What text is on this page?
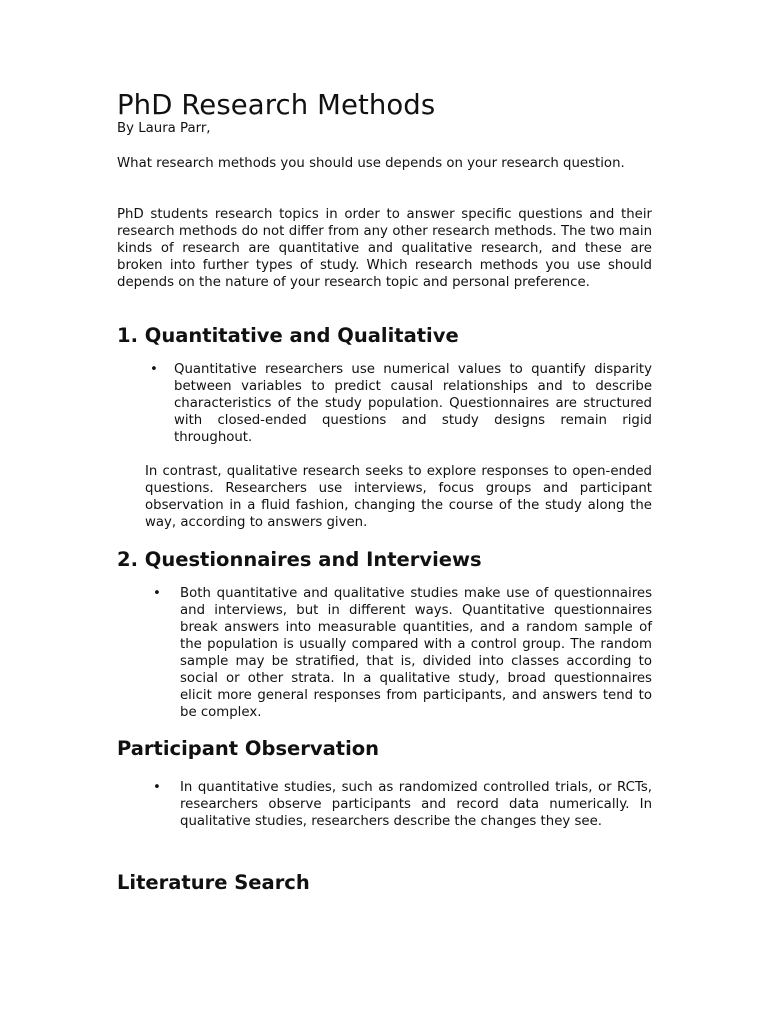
PhD Research Methods

By Laura Parr,

What research methods you should use depends on your research question.

PhD students research topics in order to answer specific questions and their research methods do not differ from any other research methods. The two main kinds of research are quantitative and qualitative research, and these are broken into further types of study. Which research methods you use should depends on the nature of your research topic and personal preference.

1. Quantitative and Qualitative
• Quantitative researchers use numerical values to quantify disparity between variables to predict causal relationships and to describe characteristics of the study population. Questionnaires are structured with closed-ended questions and study designs remain rigid throughout.

In contrast, qualitative research seeks to explore responses to open-ended questions. Researchers use interviews, focus groups and participant observation in a fluid fashion, changing the course of the study along the way, according to answers given.

2. Questionnaires and Interviews
• Both quantitative and qualitative studies make use of questionnaires and interviews, but in different ways. Quantitative questionnaires break answers into measurable quantities, and a random sample of the population is usually compared with a control group. The random sample may be stratified, that is, divided into classes according to social or other strata. In a qualitative study, broad questionnaires elicit more general responses from participants, and answers tend to be complex.

Participant Observation
• In quantitative studies, such as randomized controlled trials, or RCTs, researchers observe participants and record data numerically. In qualitative studies, researchers describe the changes they see.

Literature Search
